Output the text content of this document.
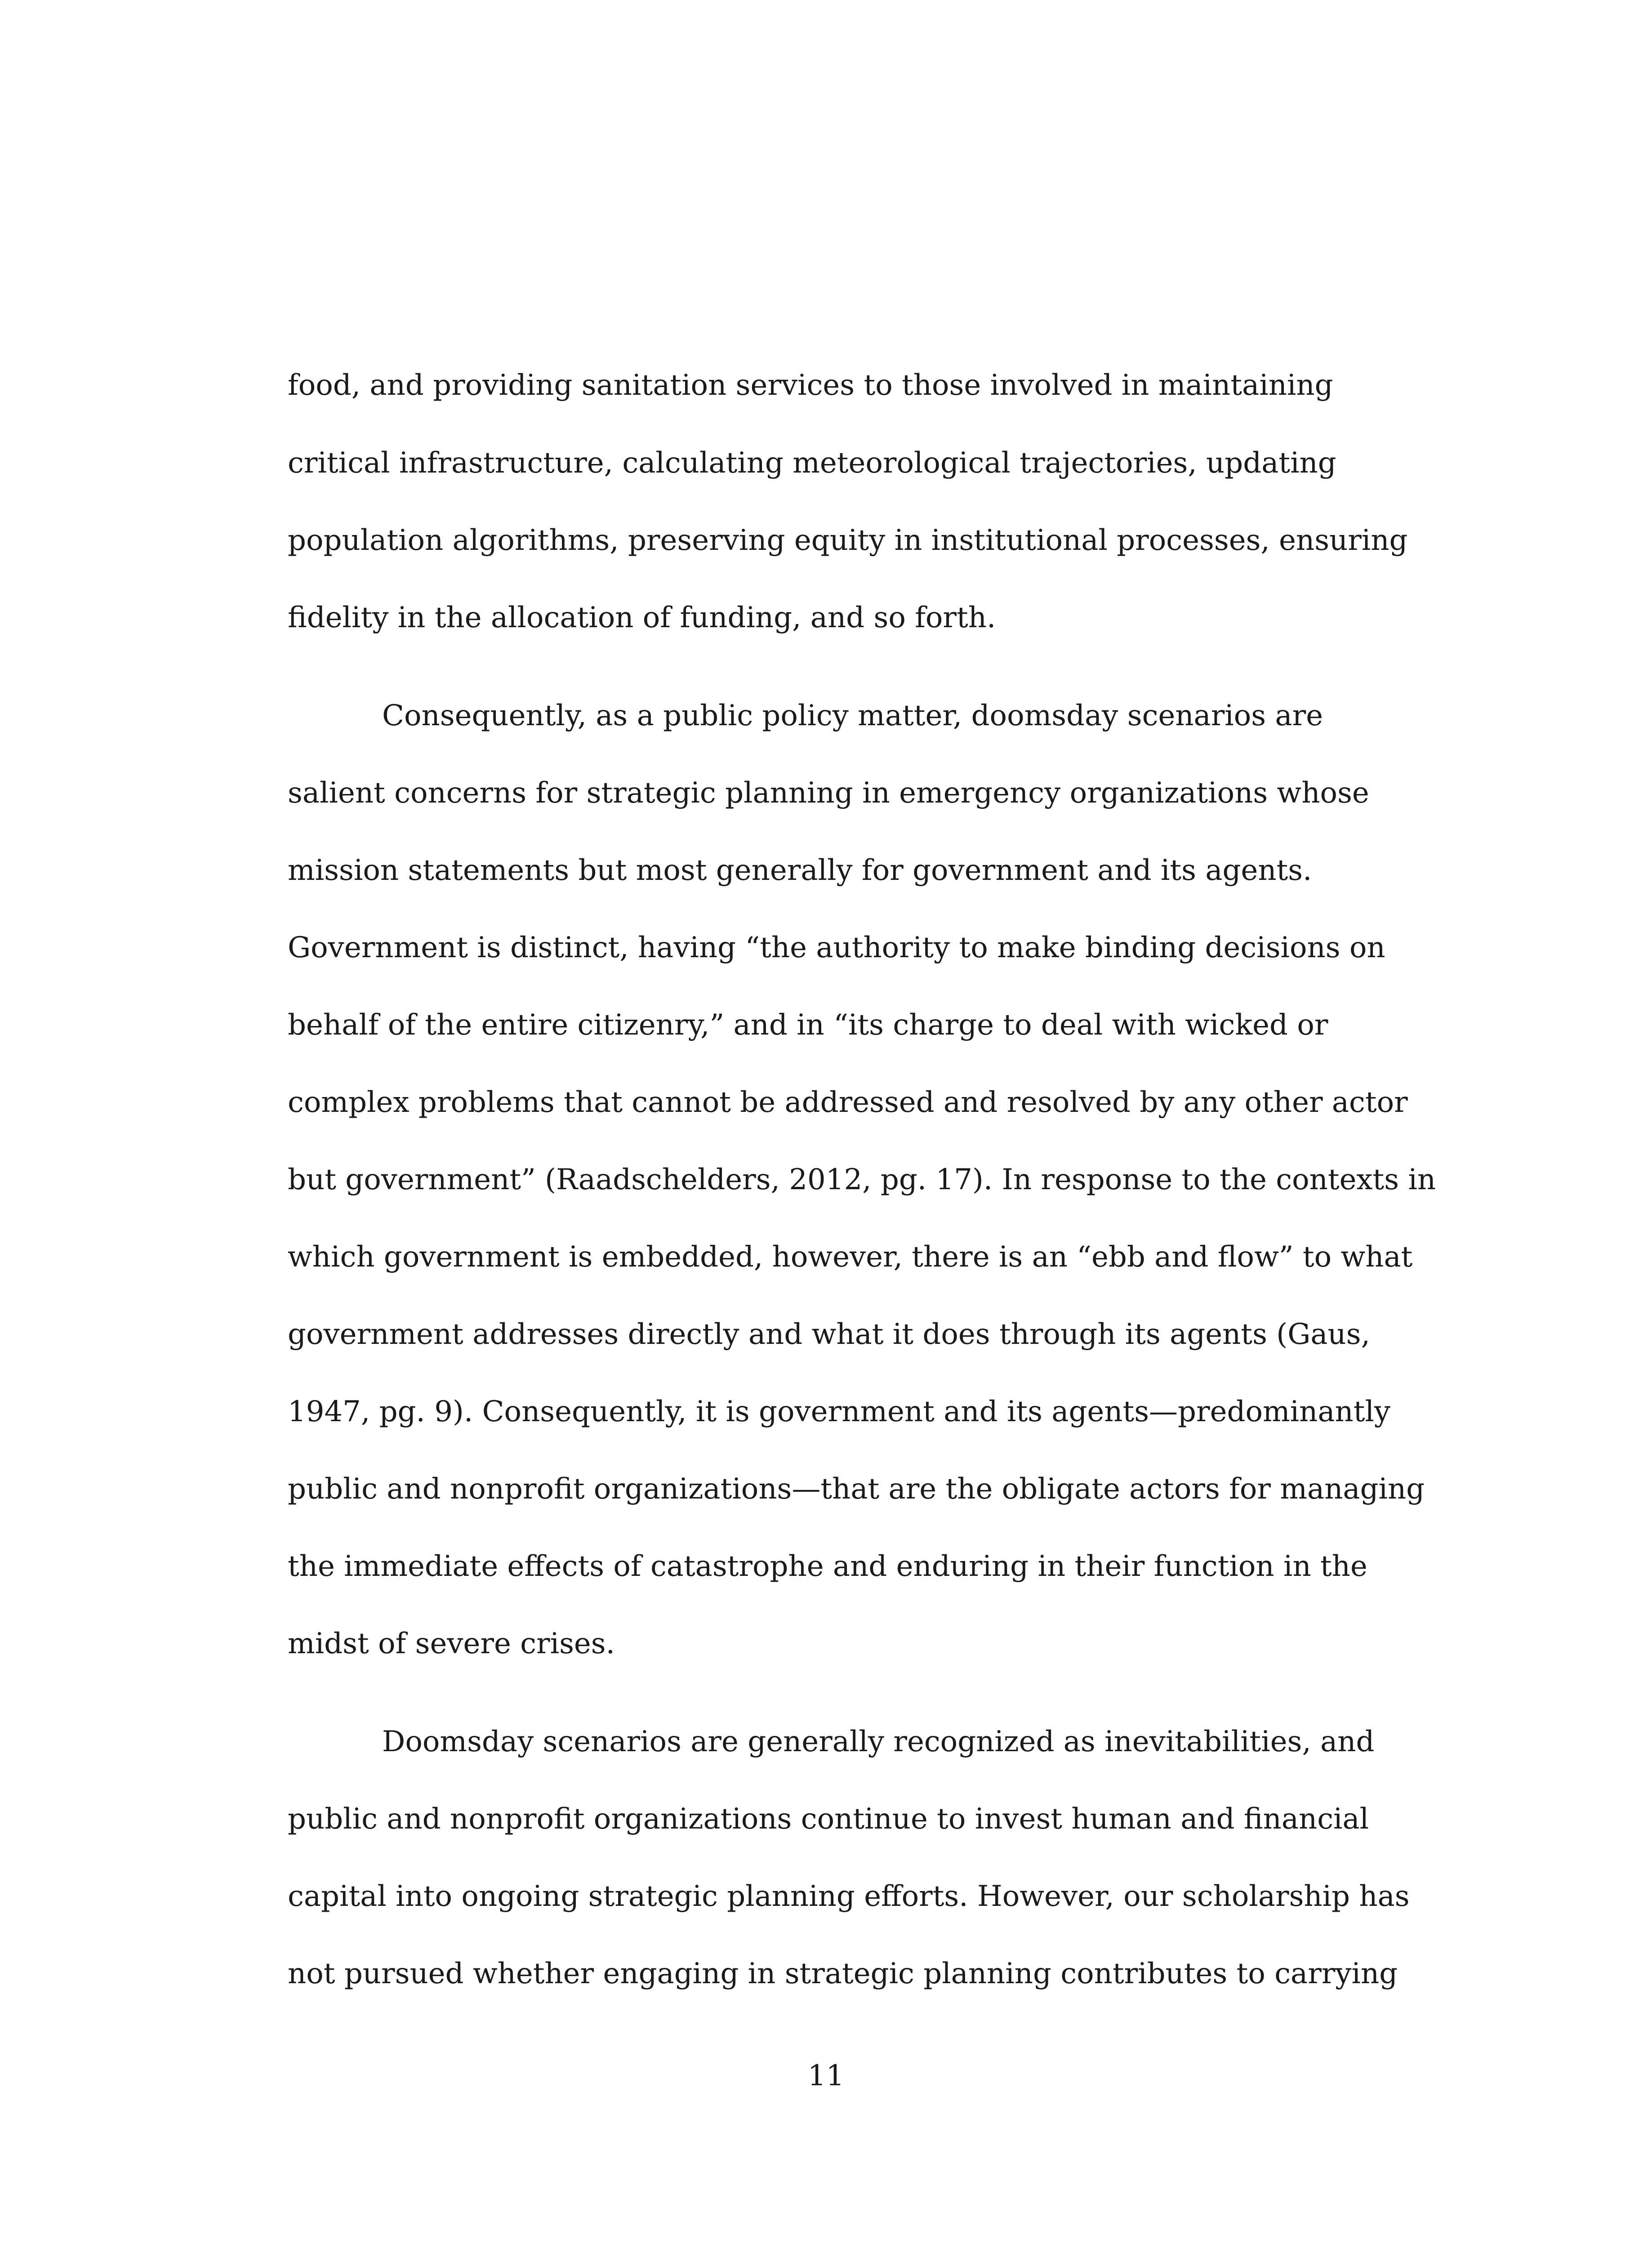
food, and providing sanitation services to those involved in maintaining
critical infrastructure, calculating meteorological trajectories, updating
population algorithms, preserving equity in institutional processes, ensuring
fidelity in the allocation of funding, and so forth.
Consequently, as a public policy matter, doomsday scenarios are
salient concerns for strategic planning in emergency organizations whose
mission statements but most generally for government and its agents.
Government is distinct, having “the authority to make binding decisions on
behalf of the entire citizenry,” and in “its charge to deal with wicked or
complex problems that cannot be addressed and resolved by any other actor
but government” (Raadschelders, 2012, pg. 17). In response to the contexts in
which government is embedded, however, there is an “ebb and flow” to what
government addresses directly and what it does through its agents (Gaus,
1947, pg. 9). Consequently, it is government and its agents—predominantly
public and nonprofit organizations—that are the obligate actors for managing
the immediate effects of catastrophe and enduring in their function in the
midst of severe crises.
Doomsday scenarios are generally recognized as inevitabilities, and
public and nonprofit organizations continue to invest human and financial
capital into ongoing strategic planning efforts. However, our scholarship has
not pursued whether engaging in strategic planning contributes to carrying
11
